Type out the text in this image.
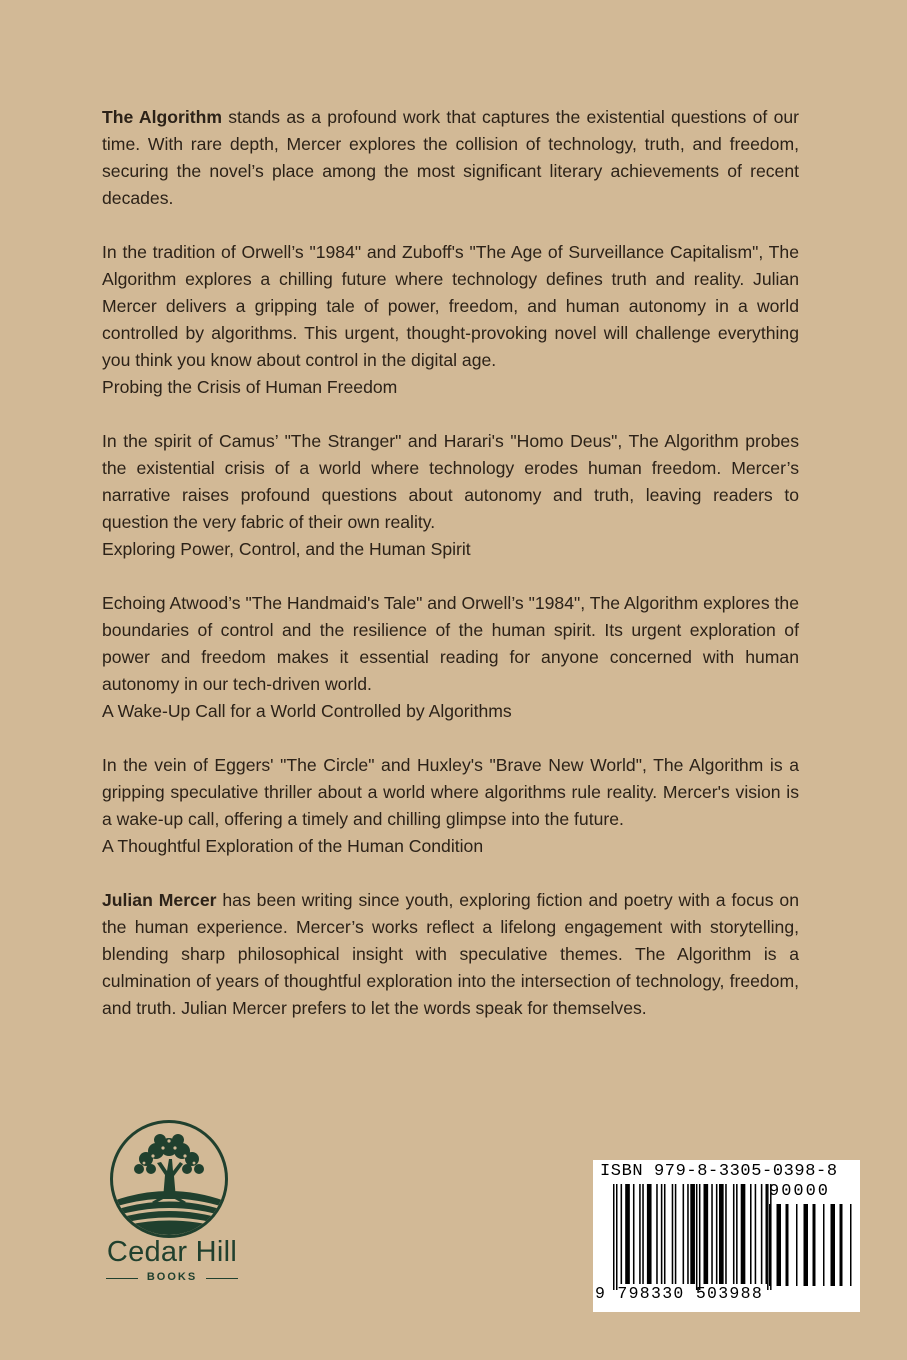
The Algorithm stands as a profound work that captures the existential questions of our time. With rare depth, Mercer explores the collision of technology, truth, and freedom, securing the novel’s place among the most significant literary achievements of recent decades.

In the tradition of Orwell’s "1984" and Zuboff's "The Age of Surveillance Capitalism", The Algorithm explores a chilling future where technology defines truth and reality. Julian Mercer delivers a gripping tale of power, freedom, and human autonomy in a world controlled by algorithms. This urgent, thought-provoking novel will challenge everything you think you know about control in the digital age.
Probing the Crisis of Human Freedom

In the spirit of Camus’ "The Stranger" and Harari's "Homo Deus", The Algorithm probes the existential crisis of a world where technology erodes human freedom. Mercer’s narrative raises profound questions about autonomy and truth, leaving readers to question the very fabric of their own reality.
Exploring Power, Control, and the Human Spirit

Echoing Atwood’s "The Handmaid's Tale" and Orwell’s "1984", The Algorithm explores the boundaries of control and the resilience of the human spirit. Its urgent exploration of power and freedom makes it essential reading for anyone concerned with human autonomy in our tech-driven world.
A Wake-Up Call for a World Controlled by Algorithms

In the vein of Eggers' "The Circle" and Huxley's "Brave New World", The Algorithm is a gripping speculative thriller about a world where algorithms rule reality. Mercer's vision is a wake-up call, offering a timely and chilling glimpse into the future.
A Thoughtful Exploration of the Human Condition

Julian Mercer has been writing since youth, exploring fiction and poetry with a focus on the human experience. Mercer’s works reflect a lifelong engagement with storytelling, blending sharp philosophical insight with speculative themes. The Algorithm is a culmination of years of thoughtful exploration into the intersection of technology, freedom, and truth. Julian Mercer prefers to let the words speak for themselves.

Cedar Hill
BOOKS
ISBN 979-8-3305-0398-8
90000
9 798330 503988
